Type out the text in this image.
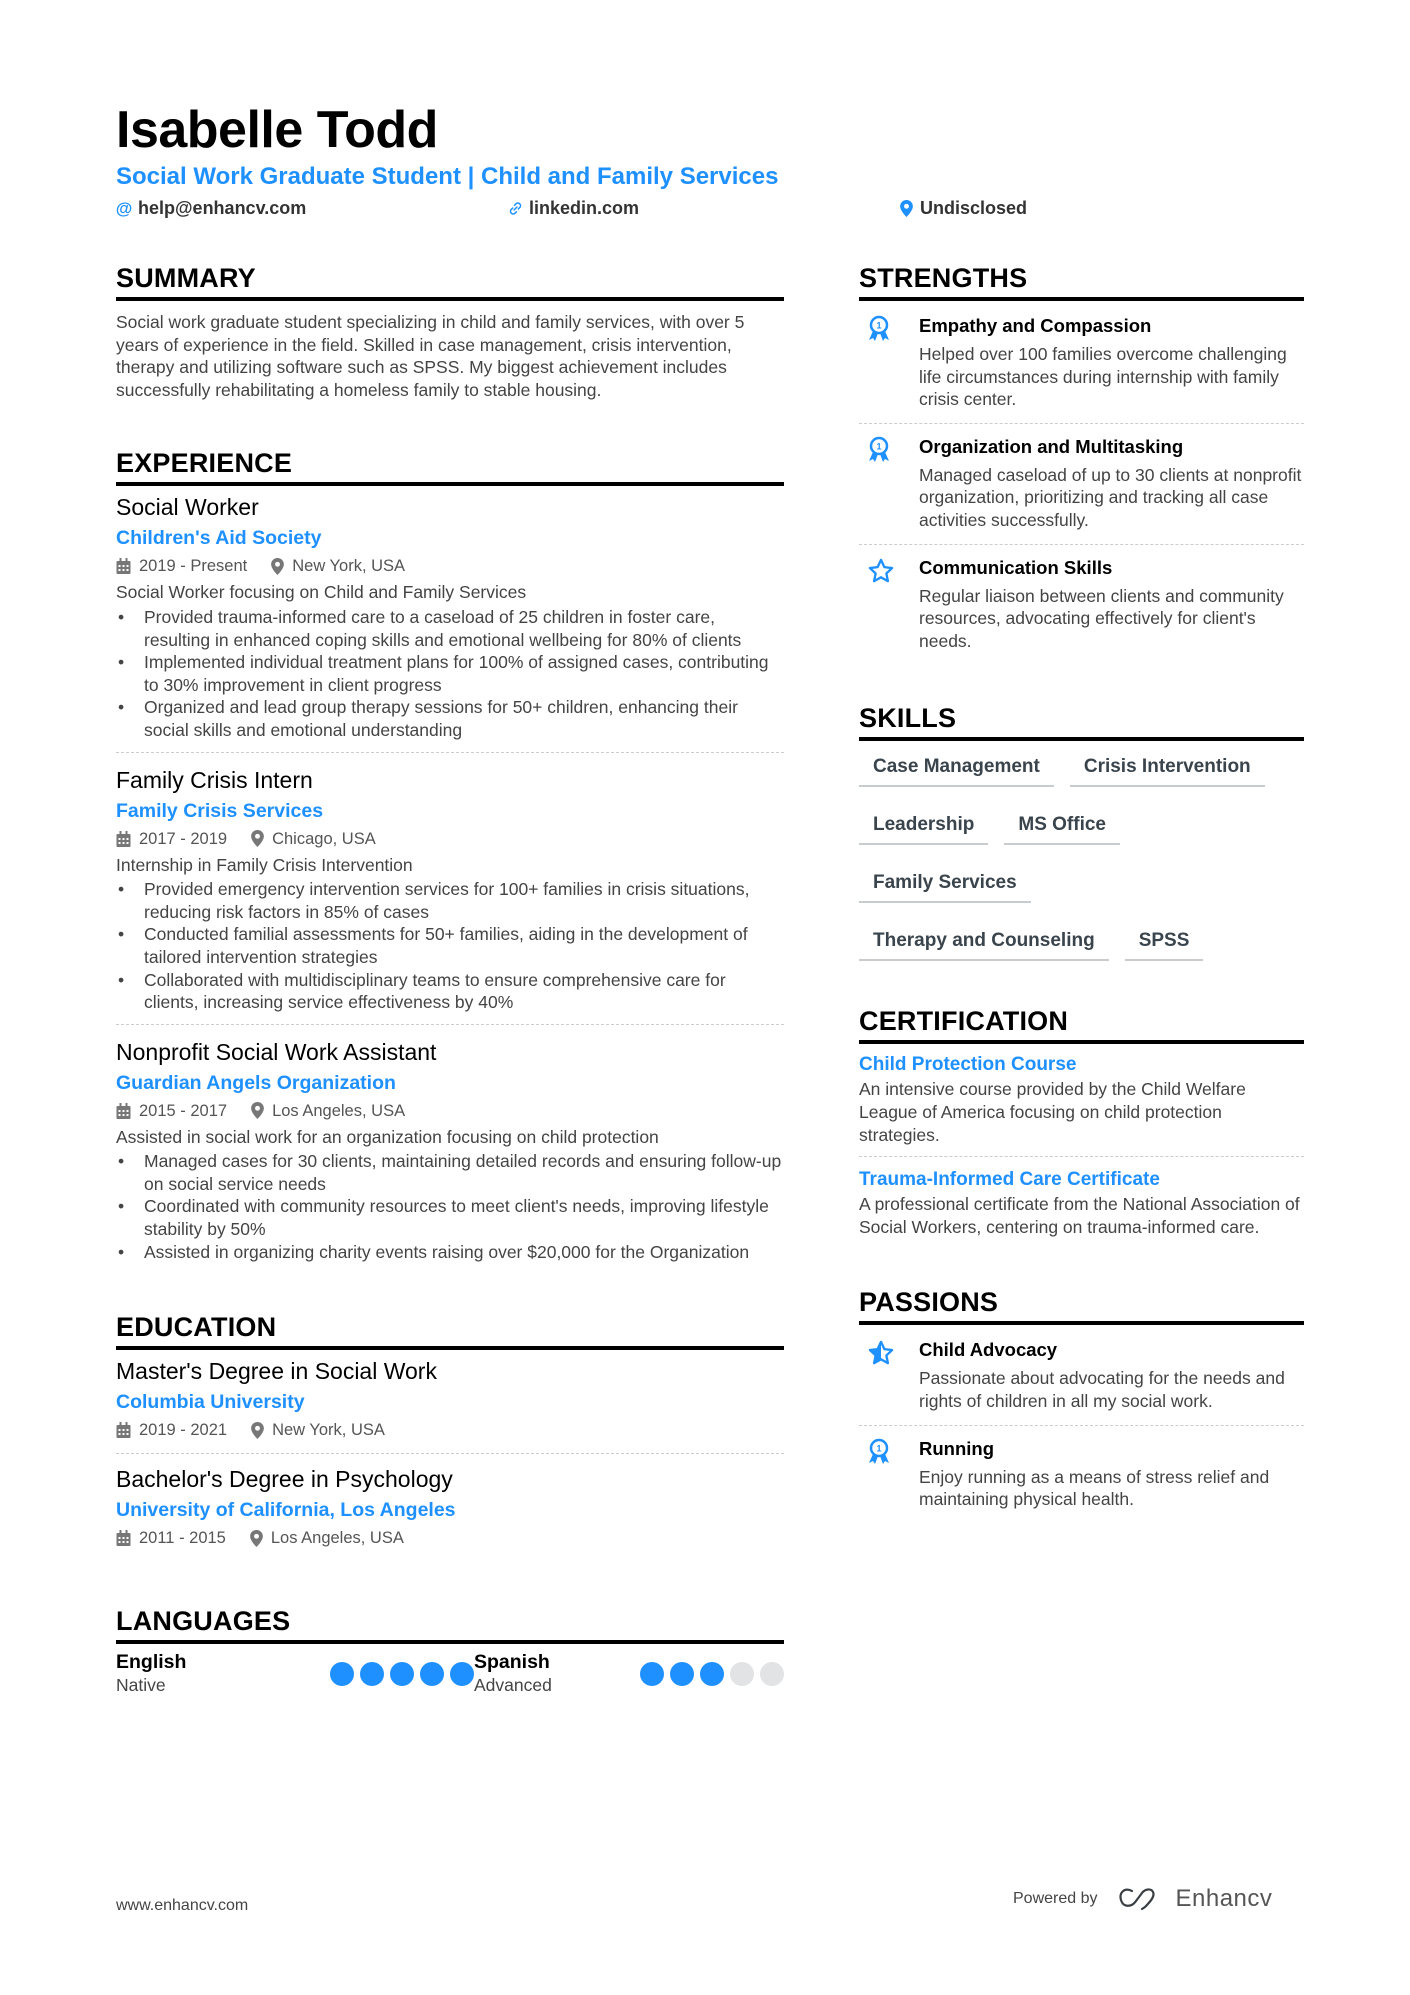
Isabelle Todd
Social Work Graduate Student | Child and Family Services
@ help@enhancv.com	linkedin.com	Undisclosed
SUMMARY

Social work graduate student specializing in child and family services, with over 5 years of experience in the field. Skilled in case management, crisis intervention, therapy and utilizing software such as SPSS. My biggest achievement includes successfully rehabilitating a homeless family to stable housing.

EXPERIENCE
Social Worker
Children's Aid Society
2019 - Present	New York, USA
Social Worker focusing on Child and Family Services
• Provided trauma-informed care to a caseload of 25 children in foster care, resulting in enhanced coping skills and emotional wellbeing for 80% of clients
• Implemented individual treatment plans for 100% of assigned cases, contributing to 30% improvement in client progress
• Organized and lead group therapy sessions for 50+ children, enhancing their social skills and emotional understanding
Family Crisis Intern
Family Crisis Services
2017 - 2019	Chicago, USA
Internship in Family Crisis Intervention
• Provided emergency intervention services for 100+ families in crisis situations, reducing risk factors in 85% of cases
• Conducted familial assessments for 50+ families, aiding in the development of tailored intervention strategies
• Collaborated with multidisciplinary teams to ensure comprehensive care for clients, increasing service effectiveness by 40%
Nonprofit Social Work Assistant
Guardian Angels Organization
2015 - 2017	Los Angeles, USA
Assisted in social work for an organization focusing on child protection
• Managed cases for 30 clients, maintaining detailed records and ensuring follow-up on social service needs
• Coordinated with community resources to meet client's needs, improving lifestyle stability by 50%
• Assisted in organizing charity events raising over $20,000 for the Organization
EDUCATION
Master's Degree in Social Work
Columbia University
2019 - 2021	New York, USA
Bachelor's Degree in Psychology
University of California, Los Angeles
2011 - 2015	Los Angeles, USA
LANGUAGES
English
Native
Spanish
Advanced
STRENGTHS
1 Empathy and Compassion
Helped over 100 families overcome challenging life circumstances during internship with family crisis center.
1 Organization and Multitasking
Managed caseload of up to 30 clients at nonprofit organization, prioritizing and tracking all case activities successfully.
Communication Skills
Regular liaison between clients and community resources, advocating effectively for client's needs.
SKILLS
Case Management	Crisis Intervention
Leadership	MS Office
Family Services
Therapy and Counseling	SPSS
CERTIFICATION
Child Protection Course
An intensive course provided by the Child Welfare League of America focusing on child protection strategies.
Trauma-Informed Care Certificate
A professional certificate from the National Association of Social Workers, centering on trauma-informed care.
PASSIONS
Child Advocacy
Passionate about advocating for the needs and rights of children in all my social work.
1 Running
Enjoy running as a means of stress relief and maintaining physical health.
www.enhancv.com	Powered by	Enhancv
